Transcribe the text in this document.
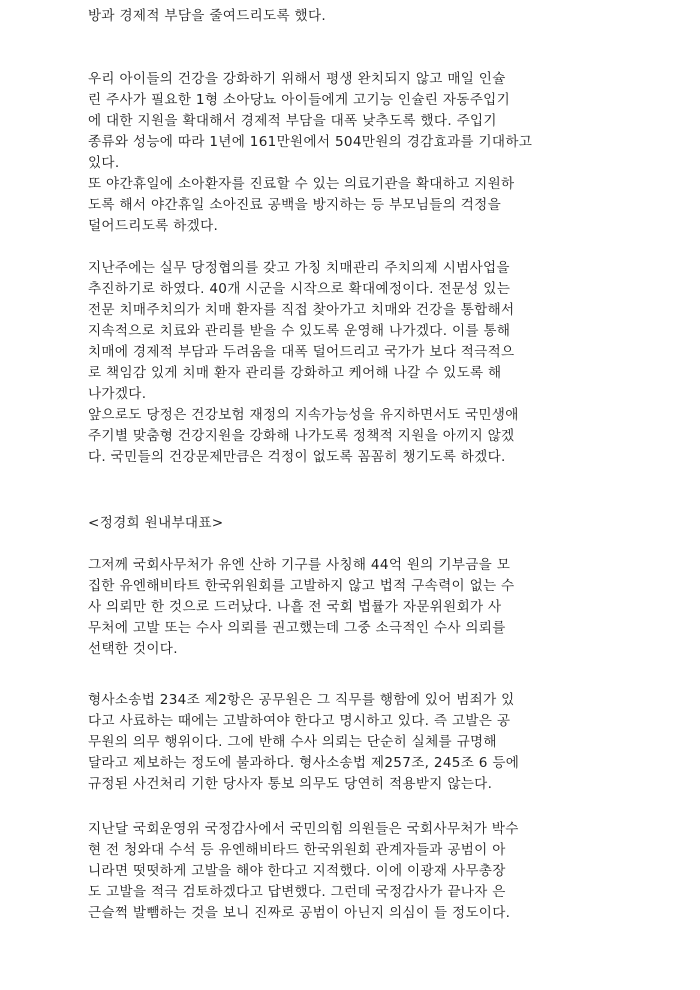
방과 경제적 부담을 줄여드리도록 했다.
우리 아이들의 건강을 강화하기 위해서 평생 완치되지 않고 매일 인슐
린 주사가 필요한 1형 소아당뇨 아이들에게 고기능 인슐린 자동주입기
에 대한 지원을 확대해서 경제적 부담을 대폭 낮추도록 했다. 주입기
종류와 성능에 따라 1년에 161만원에서 504만원의 경감효과를 기대하고
있다.
또 야간휴일에 소아환자를 진료할 수 있는 의료기관을 확대하고 지원하
도록 해서 야간휴일 소아진료 공백을 방지하는 등 부모님들의 걱정을
덜어드리도록 하겠다.
지난주에는 실무 당정협의를 갖고 가칭 치매관리 주치의제 시범사업을
추진하기로 하였다. 40개 시군을 시작으로 확대예정이다. 전문성 있는
전문 치매주치의가 치매 환자를 직접 찾아가고 치매와 건강을 통합해서
지속적으로 치료와 관리를 받을 수 있도록 운영해 나가겠다. 이를 통해
치매에 경제적 부담과 두려움을 대폭 덜어드리고 국가가 보다 적극적으
로 책임감 있게 치매 환자 관리를 강화하고 케어해 나갈 수 있도록 해
나가겠다.
앞으로도 당정은 건강보험 재정의 지속가능성을 유지하면서도 국민생애
주기별 맞춤형 건강지원을 강화해 나가도록 정책적 지원을 아끼지 않겠
다. 국민들의 건강문제만큼은 걱정이 없도록 꼼꼼히 챙기도록 하겠다.
<정경희 원내부대표>
그저께 국회사무처가 유엔 산하 기구를 사칭해 44억 원의 기부금을 모
집한 유엔해비타트 한국위원회를 고발하지 않고 법적 구속력이 없는 수
사 의뢰만 한 것으로 드러났다. 나흘 전 국회 법률가 자문위원회가 사
무처에 고발 또는 수사 의뢰를 권고했는데 그중 소극적인 수사 의뢰를
선택한 것이다.
형사소송법 234조 제2항은 공무원은 그 직무를 행함에 있어 범죄가 있
다고 사료하는 때에는 고발하여야 한다고 명시하고 있다. 즉 고발은 공
무원의 의무 행위이다. 그에 반해 수사 의뢰는 단순히 실체를 규명해
달라고 제보하는 정도에 불과하다. 형사소송법 제257조, 245조 6 등에
규정된 사건처리 기한 당사자 통보 의무도 당연히 적용받지 않는다.
지난달 국회운영위 국정감사에서 국민의힘 의원들은 국회사무처가 박수
현 전 청와대 수석 등 유엔해비타드 한국위원회 관계자들과 공범이 아
니라면 떳떳하게 고발을 해야 한다고 지적했다. 이에 이광재 사무총장
도 고발을 적극 검토하겠다고 답변했다. 그런데 국정감사가 끝나자 은
근슬쩍 발뺌하는 것을 보니 진짜로 공범이 아닌지 의심이 들 정도이다.
